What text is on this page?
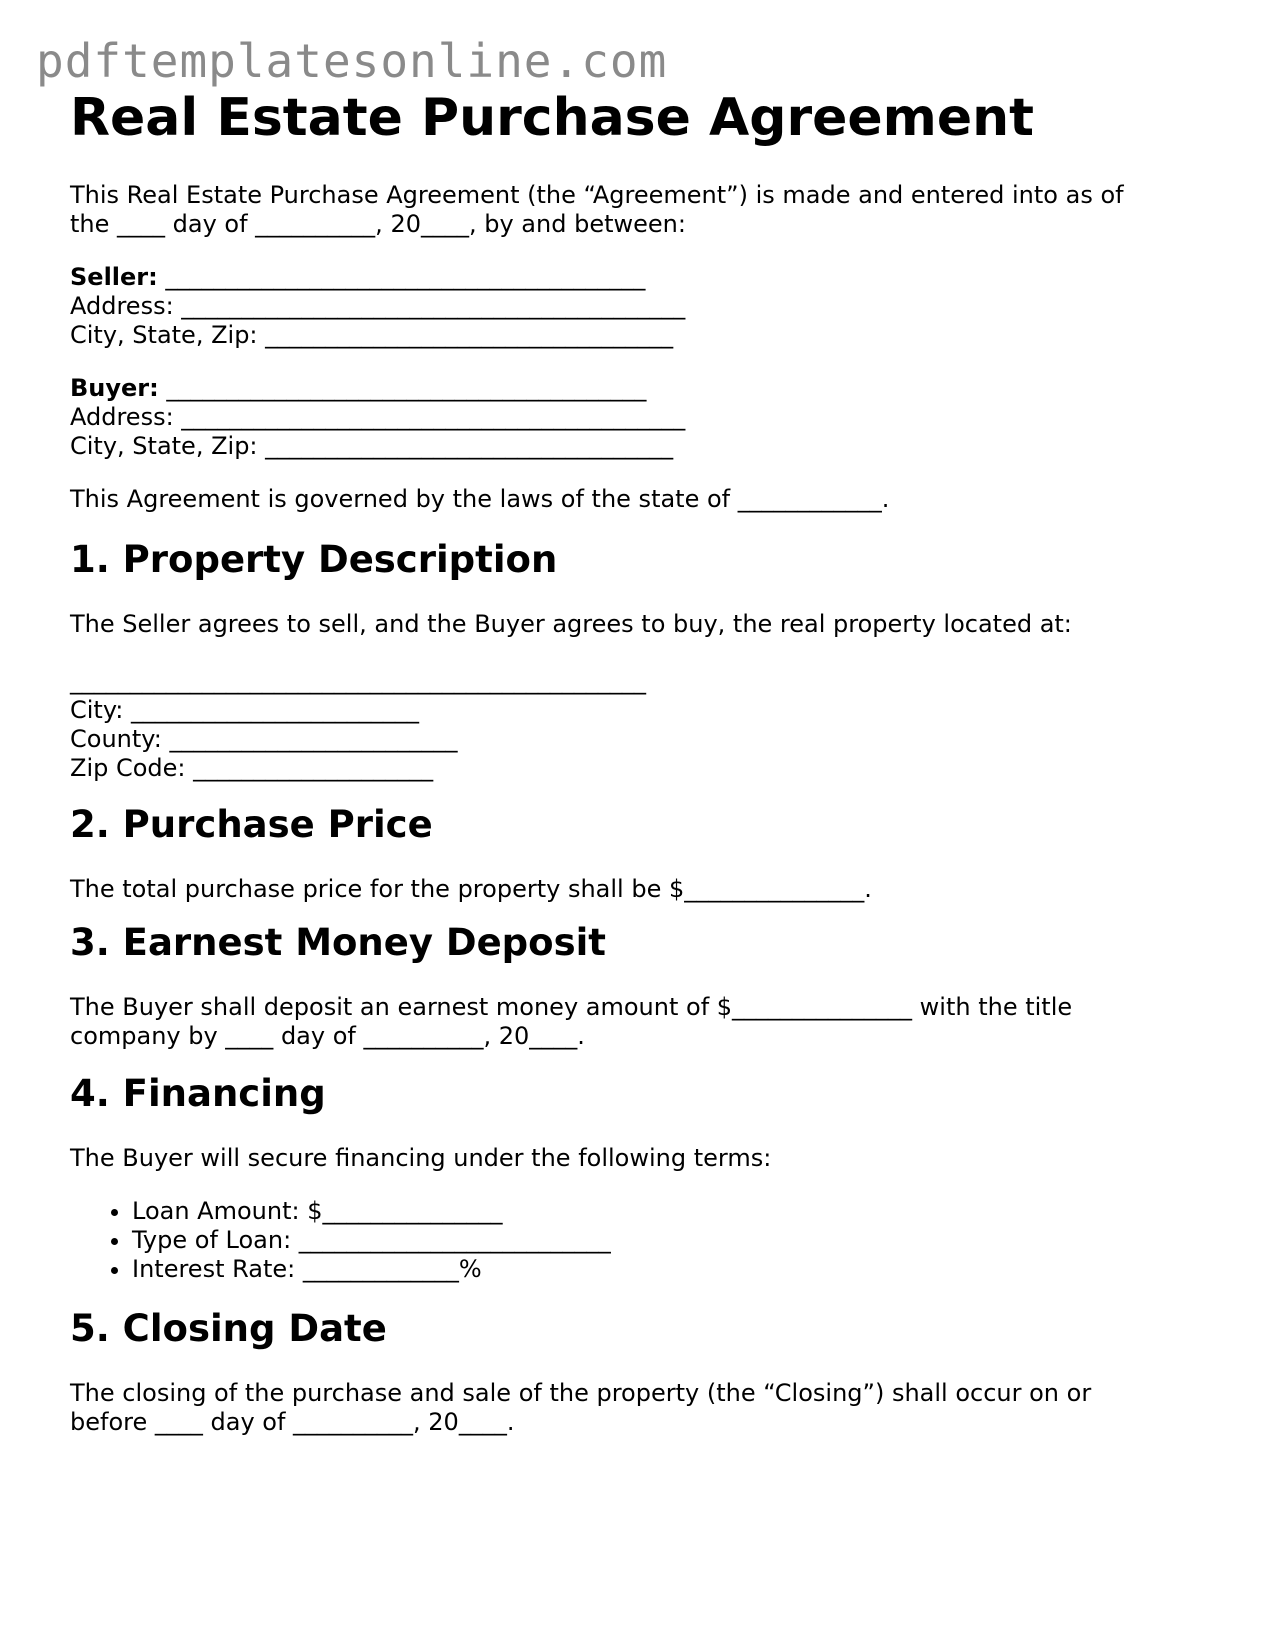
pdftemplatesonline.com
Real Estate Purchase Agreement
This Real Estate Purchase Agreement (the “Agreement”) is made and entered into as of
the ____ day of __________, 20____, by and between:
Seller: ________________________________________
Address: __________________________________________
City, State, Zip: __________________________________
Buyer: ________________________________________
Address: __________________________________________
City, State, Zip: __________________________________

This Agreement is governed by the laws of the state of ____________.

1. Property Description

The Seller agrees to sell, and the Buyer agrees to buy, the real property located at:

________________________________________________
City: ________________________
County: ________________________
Zip Code: ____________________
2. Purchase Price

The total purchase price for the property shall be $_______________.

3. Earnest Money Deposit
The Buyer shall deposit an earnest money amount of $_______________ with the title
company by ____ day of __________, 20____.
4. Financing

The Buyer will secure financing under the following terms:

• Loan Amount: $_______________
• Type of Loan: __________________________
• Interest Rate: _____________%
5. Closing Date
The closing of the purchase and sale of the property (the “Closing”) shall occur on or
before ____ day of __________, 20____.
